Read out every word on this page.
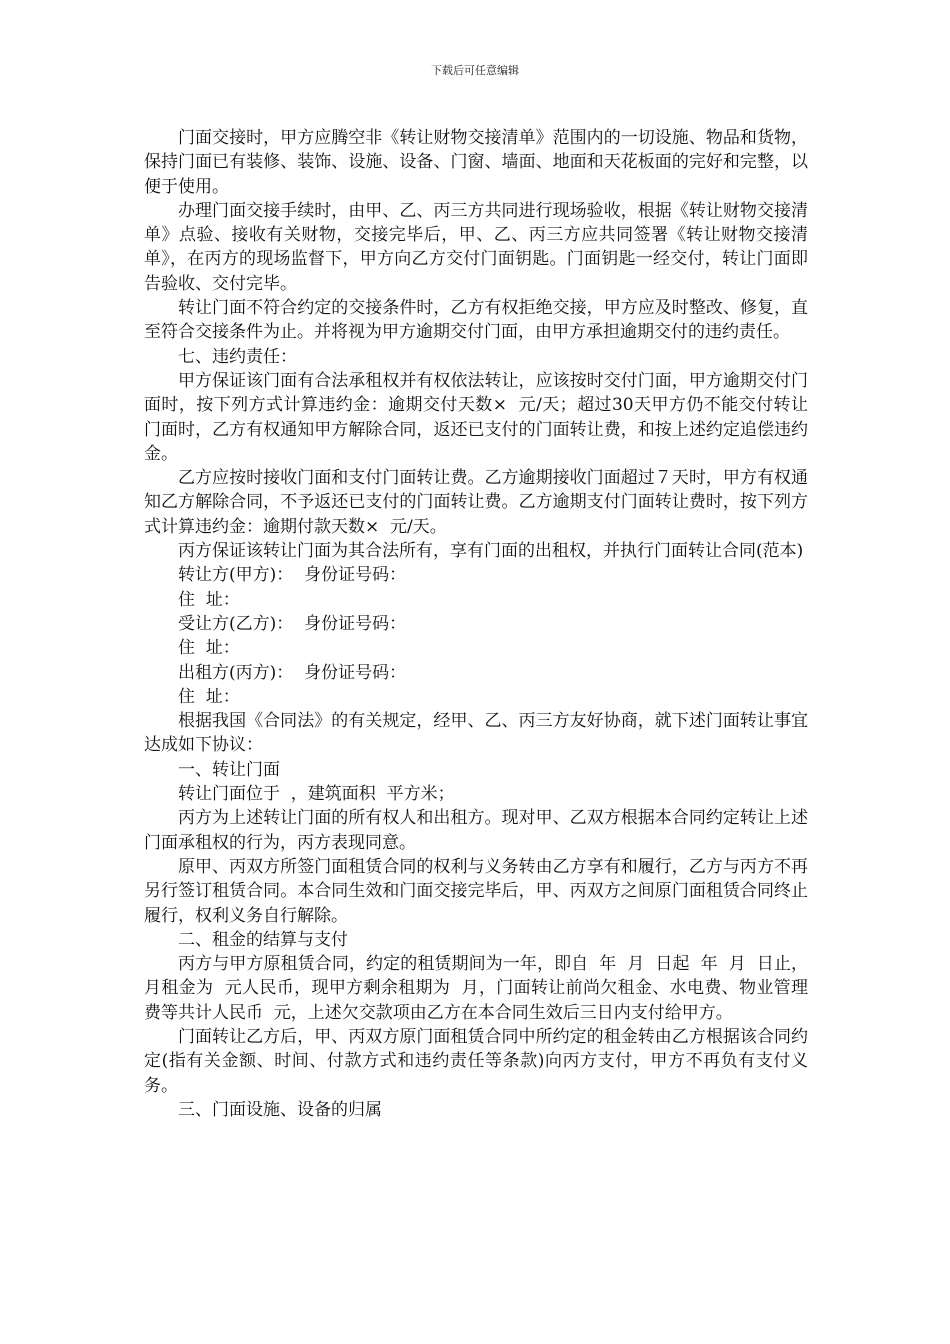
下载后可任意编辑

门面交接时，甲方应腾空非《转让财物交接清单》范围内的一切设施、物品和货物，保持门面已有装修、装饰、设施、设备、门窗、墙面、地面和天花板面的完好和完整，以便于使用。

办理门面交接手续时，由甲、乙、丙三方共同进行现场验收，根据《转让财物交接清单》点验、接收有关财物，交接完毕后，甲、乙、丙三方应共同签署《转让财物交接清单》，在丙方的现场监督下，甲方向乙方交付门面钥匙。门面钥匙一经交付，转让门面即告验收、交付完毕。

转让门面不符合约定的交接条件时，乙方有权拒绝交接，甲方应及时整改、修复，直至符合交接条件为止。并将视为甲方逾期交付门面，由甲方承担逾期交付的违约责任。

七、违约责任：

甲方保证该门面有合法承租权并有权依法转让，应该按时交付门面，甲方逾期交付门面时，按下列方式计算违约金：逾期交付天数×  元/天；超过30天甲方仍不能交付转让门面时，乙方有权通知甲方解除合同，返还已支付的门面转让费，和按上述约定追偿违约金。

乙方应按时接收门面和支付门面转让费。乙方逾期接收门面超过７天时，甲方有权通知乙方解除合同，不予返还已支付的门面转让费。乙方逾期支付门面转让费时，按下列方式计算违约金：逾期付款天数×  元/天。

丙方保证该转让门面为其合法所有，享有门面的出租权，并执行门面转让合同(范本)

转让方(甲方)：  身份证号码：

住  址：

受让方(乙方)：  身份证号码：

住  址：

出租方(丙方)：  身份证号码：

住  址：

根据我国《合同法》的有关规定，经甲、乙、丙三方友好协商，就下述门面转让事宜达成如下协议：

一、转让门面

转让门面位于  ，建筑面积  平方米；

丙方为上述转让门面的所有权人和出租方。现对甲、乙双方根据本合同约定转让上述门面承租权的行为，丙方表现同意。

原甲、丙双方所签门面租赁合同的权利与义务转由乙方享有和履行，乙方与丙方不再另行签订租赁合同。本合同生效和门面交接完毕后，甲、丙双方之间原门面租赁合同终止履行，权利义务自行解除。

二、租金的结算与支付

丙方与甲方原租赁合同，约定的租赁期间为一年，即自  年  月  日起  年  月  日止，月租金为  元人民币，现甲方剩余租期为  月，门面转让前尚欠租金、水电费、物业管理费等共计人民币  元，上述欠交款项由乙方在本合同生效后三日内支付给甲方。

门面转让乙方后，甲、丙双方原门面租赁合同中所约定的租金转由乙方根据该合同约定(指有关金额、时间、付款方式和违约责任等条款)向丙方支付，甲方不再负有支付义务。

三、门面设施、设备的归属
